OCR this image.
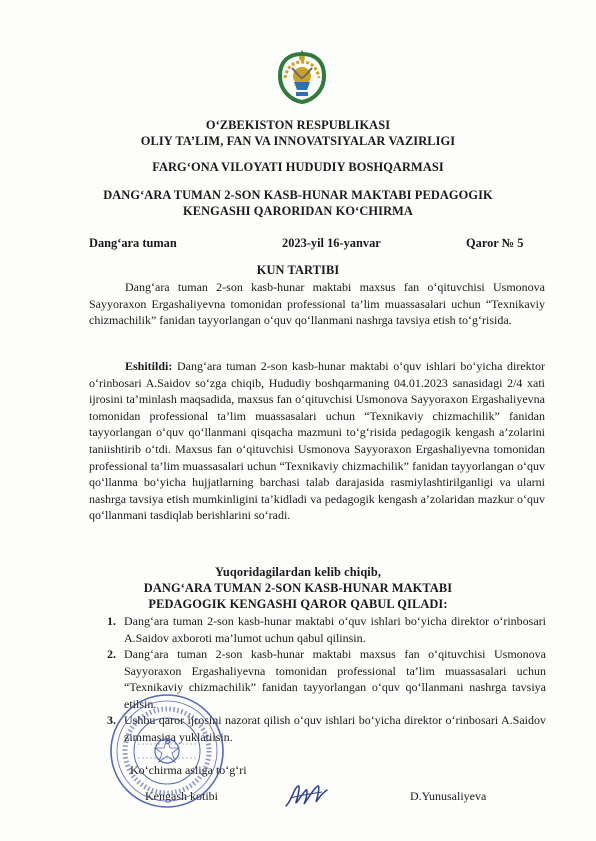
O‘ZBEKISTON RESPUBLIKASI
OLIY TA’LIM, FAN VA INNOVATSIYALAR VAZIRLIGI
FARG‘ONA VILOYATI HUDUDIY BOSHQARMASI
DANG‘ARA TUMAN 2-SON KASB-HUNAR MAKTABI PEDAGOGIK
KENGASHI QARORIDAN KO‘CHIRMA
Dang‘ara tuman	2023-yil 16-yanvar	Qaror № 5
KUN TARTIBI
Dang‘ara tuman 2-son kasb-hunar maktabi maxsus fan o‘qituvchisi Usmonova Sayyoraxon Ergashaliyevna tomonidan professional ta’lim muassasalari uchun “Texnikaviy chizmachilik” fanidan tayyorlangan o‘quv qo‘llanmani nashrga tavsiya etish to‘g‘risida.
Eshitildi: Dang‘ara tuman 2-son kasb-hunar maktabi o‘quv ishlari bo‘yicha direktor o‘rinbosari A.Saidov so‘zga chiqib, Hududiy boshqarmaning 04.01.2023 sanasidagi 2/4 xati ijrosini ta’minlash maqsadida, maxsus fan o‘qituvchisi Usmonova Sayyoraxon Ergashaliyevna tomonidan professional ta’lim muassasalari uchun “Texnikaviy chizmachilik” fanidan tayyorlangan o‘quv qo‘llanmani qisqacha mazmuni to‘g‘risida pedagogik kengash a’zolarini taniishtirib o‘tdi. Maxsus fan o‘qituvchisi Usmonova Sayyoraxon Ergashaliyevna tomonidan professional ta’lim muassasalari uchun “Texnikaviy chizmachilik” fanidan tayyorlangan o‘quv qo‘llanma bo‘yicha hujjatlarning barchasi talab darajasida rasmiylashtirilganligi va ularni nashrga tavsiya etish mumkinligini ta’kidladi va pedagogik kengash a’zolaridan mazkur o‘quv qo‘llanmani tasdiqlab berishlarini so‘radi.
Yuqoridagilardan kelib chiqib,
DANG‘ARA TUMAN 2-SON KASB-HUNAR MAKTABI
PEDAGOGIK KENGASHI QAROR QABUL QILADI:
1. Dang‘ara tuman 2-son kasb-hunar maktabi o‘quv ishlari bo‘yicha direktor o‘rinbosari A.Saidov axboroti ma’lumot uchun qabul qilinsin.
2. Dang‘ara tuman 2-son kasb-hunar maktabi maxsus fan o‘qituvchisi Usmonova Sayyoraxon Ergashaliyevna tomonidan professional ta’lim muassasalari uchun “Texnikaviy chizmachilik” fanidan tayyorlangan o‘quv qo‘llanmani nashrga tavsiya etilsin.
3. Ushbu qaror ijrosini nazorat qilish o‘quv ishlari bo‘yicha direktor o‘rinbosari A.Saidov zimmasiga yuklatilsin.
Ko‘chirma asliga to‘g‘ri
Kengash kotibi	D.Yunusaliyeva
